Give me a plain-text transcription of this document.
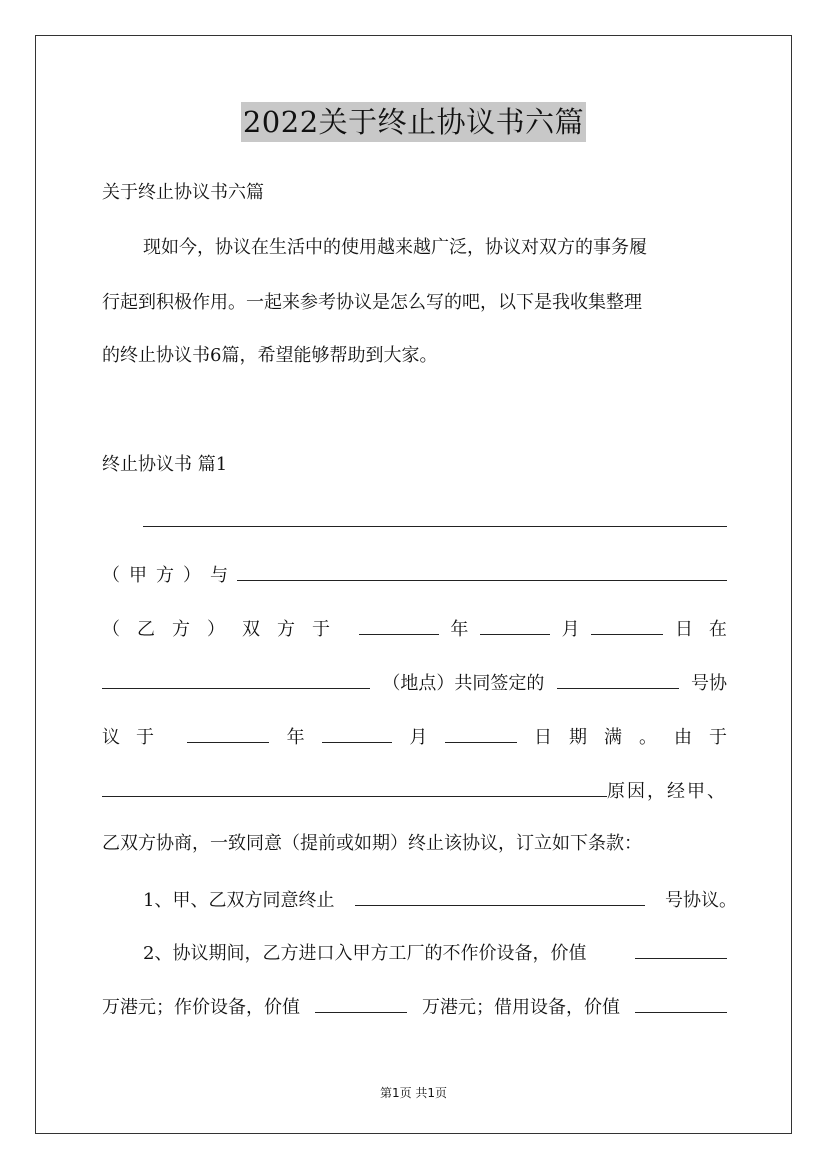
2022关于终止协议书六篇
关于终止协议书六篇
现如今，协议在生活中的使用越来越广泛，协议对双方的事务履
行起到积极作用。一起来参考协议是怎么写的吧，以下是我收集整理
的终止协议书6篇，希望能够帮助到大家。
终止协议书 篇1
（甲方）与
（乙方）双方于	年	月	日在
（地点）共同签定的	号协
议于	年	月	日期满。由于
原因，经甲、
乙双方协商，一致同意（提前或如期）终止该协议，订立如下条款：
1、甲、乙双方同意终止	号协议。
2、协议期间，乙方进口入甲方工厂的不作价设备，价值
万港元；作价设备，价值	万港元；借用设备，价值
第1页 共1页
